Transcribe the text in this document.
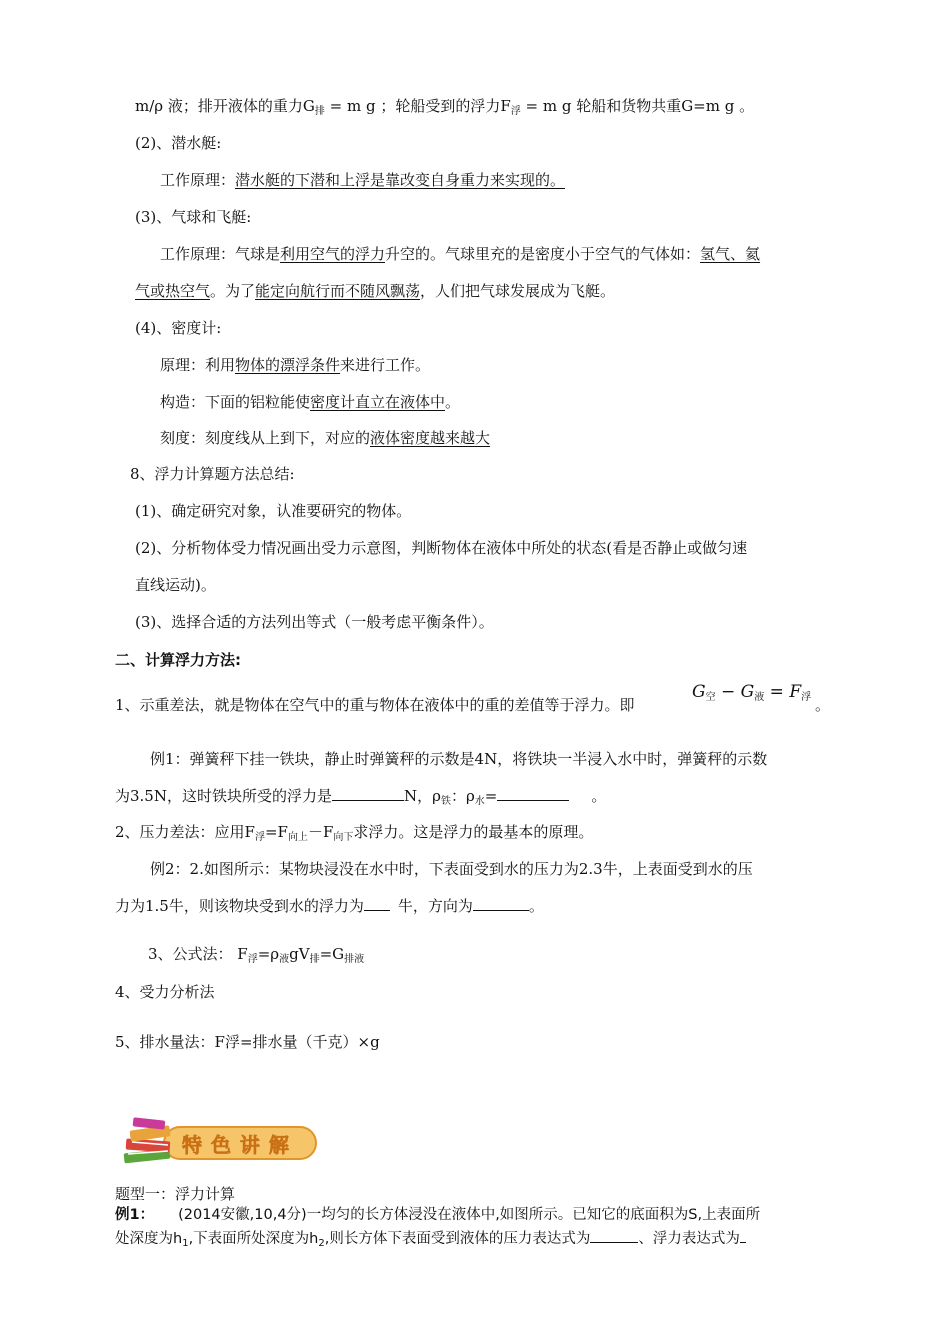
m/ρ 液；排开液体的重力$G_排 = m$ g ；轮船受到的浮力$F_浮 = m$ g 轮船和货物共重G=m g 。
(2)、潜水艇:
工作原理：潜水艇的下潜和上浮是靠改变自身重力来实现的。
(3)、气球和飞艇:
工作原理：气球是利用空气的浮力升空的。气球里充的是密度小于空气的气体如：氢气、氦
气或热空气。为了能定向航行而不随风飘荡，人们把气球发展成为飞艇。
(4)、密度计:
原理：利用物体的漂浮条件来进行工作。
构造：下面的铝粒能使密度计直立在液体中。
刻度：刻度线从上到下，对应的液体密度越来越大
8、浮力计算题方法总结:
(1)、确定研究对象，认准要研究的物体。
(2)、分析物体受力情况画出受力示意图，判断物体在液体中所处的状态(看是否静止或做匀速
直线运动)。
(3)、选择合适的方法列出等式（一般考虑平衡条件）。
二、计算浮力方法:
1、示重差法，就是物体在空气中的重与物体在液体中的重的差值等于浮力。即
$G_空 - G_液 = F_浮$ 。
例1：弹簧秤下挂一铁块，静止时弹簧秤的示数是4N，将铁块一半浸入水中时，弹簧秤的示数
为3.5N，这时铁块所受的浮力是	N，$\rho_铁$：$\rho_水=$	。
2、压力差法：应用$F_浮=F_{向上}-F_{向下}$求浮力。这是浮力的最基本的原理。
例2：2.如图所示：某物块浸没在水中时，下表面受到水的压力为2.3牛，上表面受到水的压
力为1.5牛，则该物块受到水的浮力为 牛，方向为	。
3、公式法： $F_浮=\rho_液gV_排=G_{排液}$
4、受力分析法
5、排水量法：F浮=排水量（千克）×g
特 色 讲 解
题型一：浮力计算
例1： (2014安徽,10,4分)一均匀的长方体浸没在液体中,如图所示。已知它的底面积为S,上表面所
处深度为$h_1$,下表面所处深度为$h_2$,则长方体下表面受到液体的压力表达式为	、浮力表达式为
